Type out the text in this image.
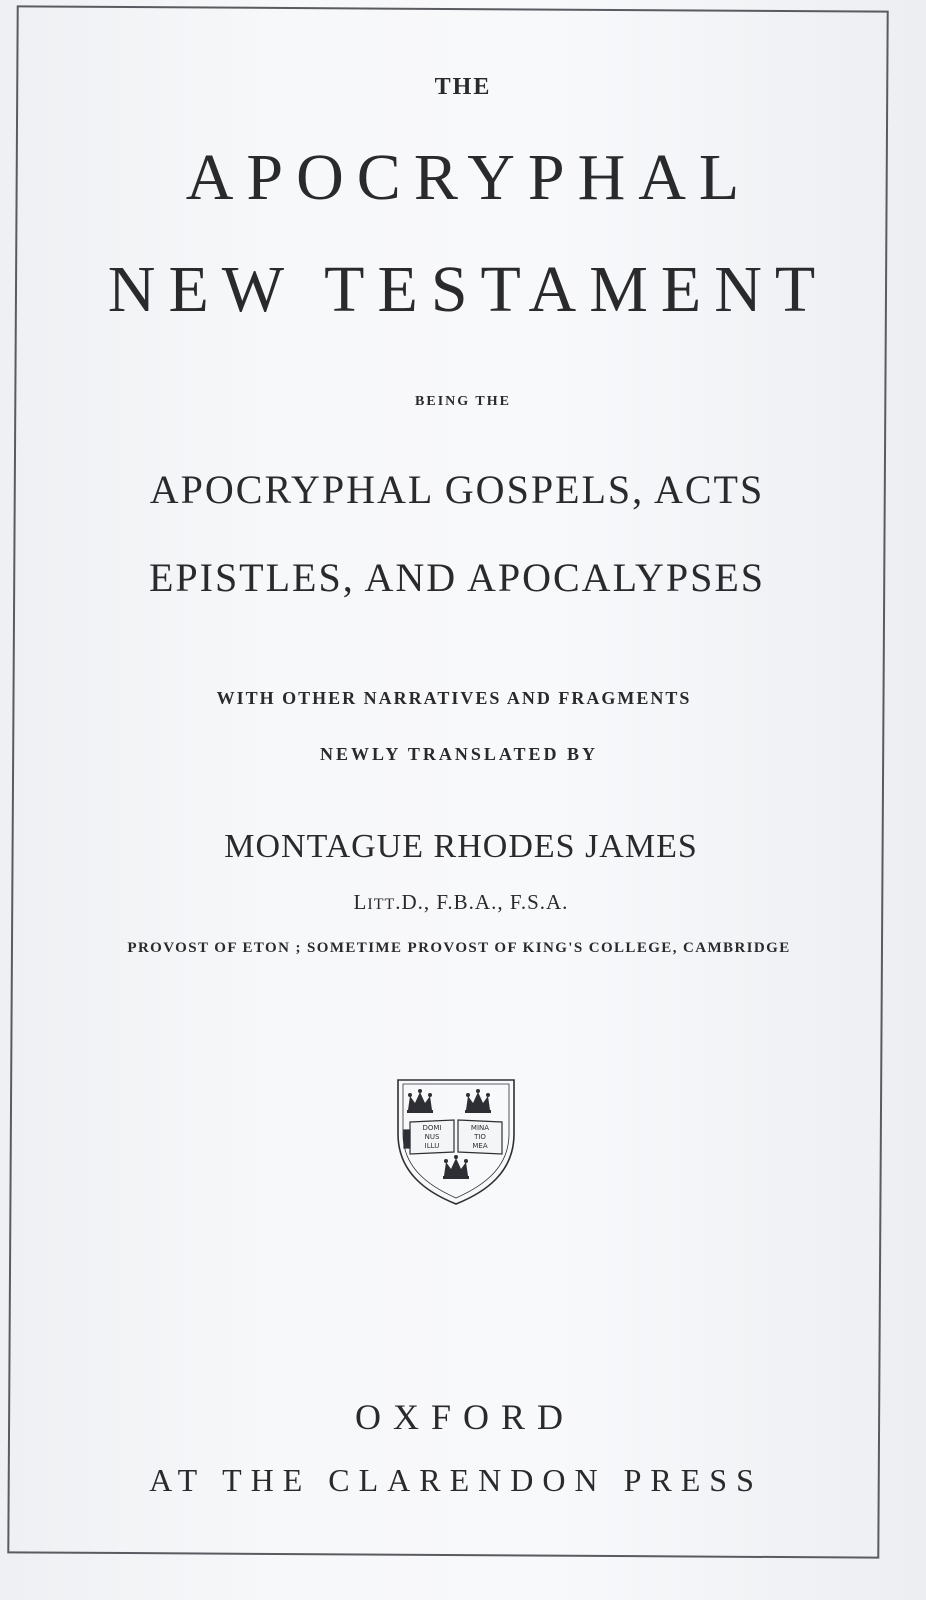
THE
APOCRYPHAL
NEW TESTAMENT
BEING THE
APOCRYPHAL GOSPELS, ACTS
EPISTLES, AND APOCALYPSES
WITH OTHER NARRATIVES AND FRAGMENTS
NEWLY TRANSLATED BY
MONTAGUE RHODES JAMES
LITT.D., F.B.A., F.S.A.
PROVOST OF ETON ; SOMETIME PROVOST OF KING'S COLLEGE, CAMBRIDGE
DOMI
NUS
ILLU
MINA
TIO
MEA
OXFORD
AT THE CLARENDON PRESS
